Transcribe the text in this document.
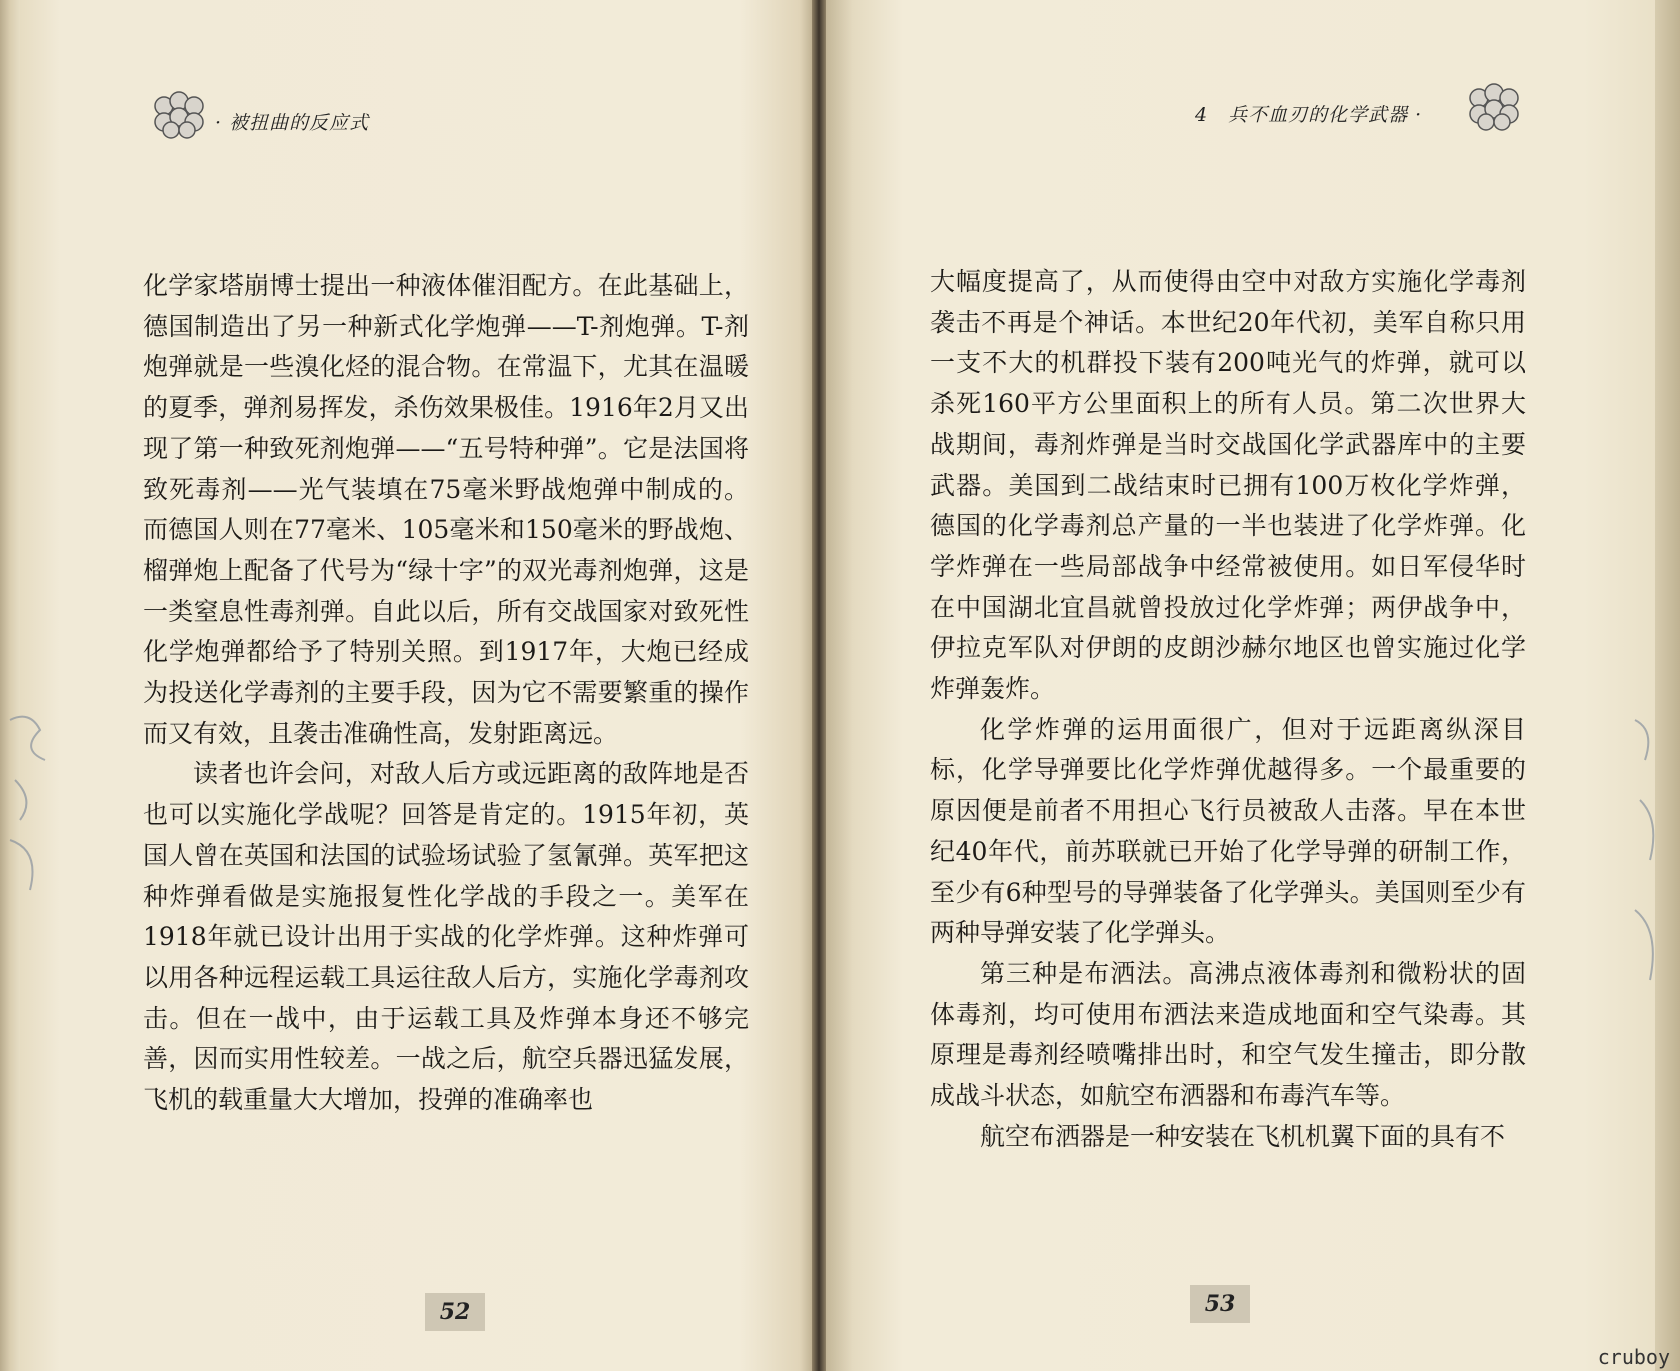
· 被扭曲的反应式	4　兵不血刃的化学武器 ·

化学家塔崩博士提出一种液体催泪配方。在此基础上，德国制造出了另一种新式化学炮弹——T-剂炮弹。T-剂炮弹就是一些溴化烃的混合物。在常温下，尤其在温暖的夏季，弹剂易挥发，杀伤效果极佳。1916年2月又出现了第一种致死剂炮弹——“五号特种弹”。它是法国将致死毒剂——光气装填在75毫米野战炮弹中制成的。而德国人则在77毫米、105毫米和150毫米的野战炮、榴弹炮上配备了代号为“绿十字”的双光毒剂炮弹，这是一类窒息性毒剂弹。自此以后，所有交战国家对致死性化学炮弹都给予了特别关照。到1917年，大炮已经成为投送化学毒剂的主要手段，因为它不需要繁重的操作而又有效，且袭击准确性高，发射距离远。

读者也许会问，对敌人后方或远距离的敌阵地是否也可以实施化学战呢？回答是肯定的。1915年初，英国人曾在英国和法国的试验场试验了氢氰弹。英军把这种炸弹看做是实施报复性化学战的手段之一。美军在1918年就已设计出用于实战的化学炸弹。这种炸弹可以用各种远程运载工具运往敌人后方，实施化学毒剂攻击。但在一战中，由于运载工具及炸弹本身还不够完善，因而实用性较差。一战之后，航空兵器迅猛发展，飞机的载重量大大增加，投弹的准确率也

大幅度提高了，从而使得由空中对敌方实施化学毒剂袭击不再是个神话。本世纪20年代初，美军自称只用一支不大的机群投下装有200吨光气的炸弹，就可以杀死160平方公里面积上的所有人员。第二次世界大战期间，毒剂炸弹是当时交战国化学武器库中的主要武器。美国到二战结束时已拥有100万枚化学炸弹，德国的化学毒剂总产量的一半也装进了化学炸弹。化学炸弹在一些局部战争中经常被使用。如日军侵华时在中国湖北宜昌就曾投放过化学炸弹；两伊战争中，伊拉克军队对伊朗的皮朗沙赫尔地区也曾实施过化学炸弹轰炸。

化学炸弹的运用面很广，但对于远距离纵深目标，化学导弹要比化学炸弹优越得多。一个最重要的原因便是前者不用担心飞行员被敌人击落。早在本世纪40年代，前苏联就已开始了化学导弹的研制工作，至少有6种型号的导弹装备了化学弹头。美国则至少有两种导弹安装了化学弹头。

第三种是布洒法。高沸点液体毒剂和微粉状的固体毒剂，均可使用布洒法来造成地面和空气染毒。其原理是毒剂经喷嘴排出时，和空气发生撞击，即分散成战斗状态，如航空布洒器和布毒汽车等。

航空布洒器是一种安装在飞机机翼下面的具有不

52	53
cruboy
